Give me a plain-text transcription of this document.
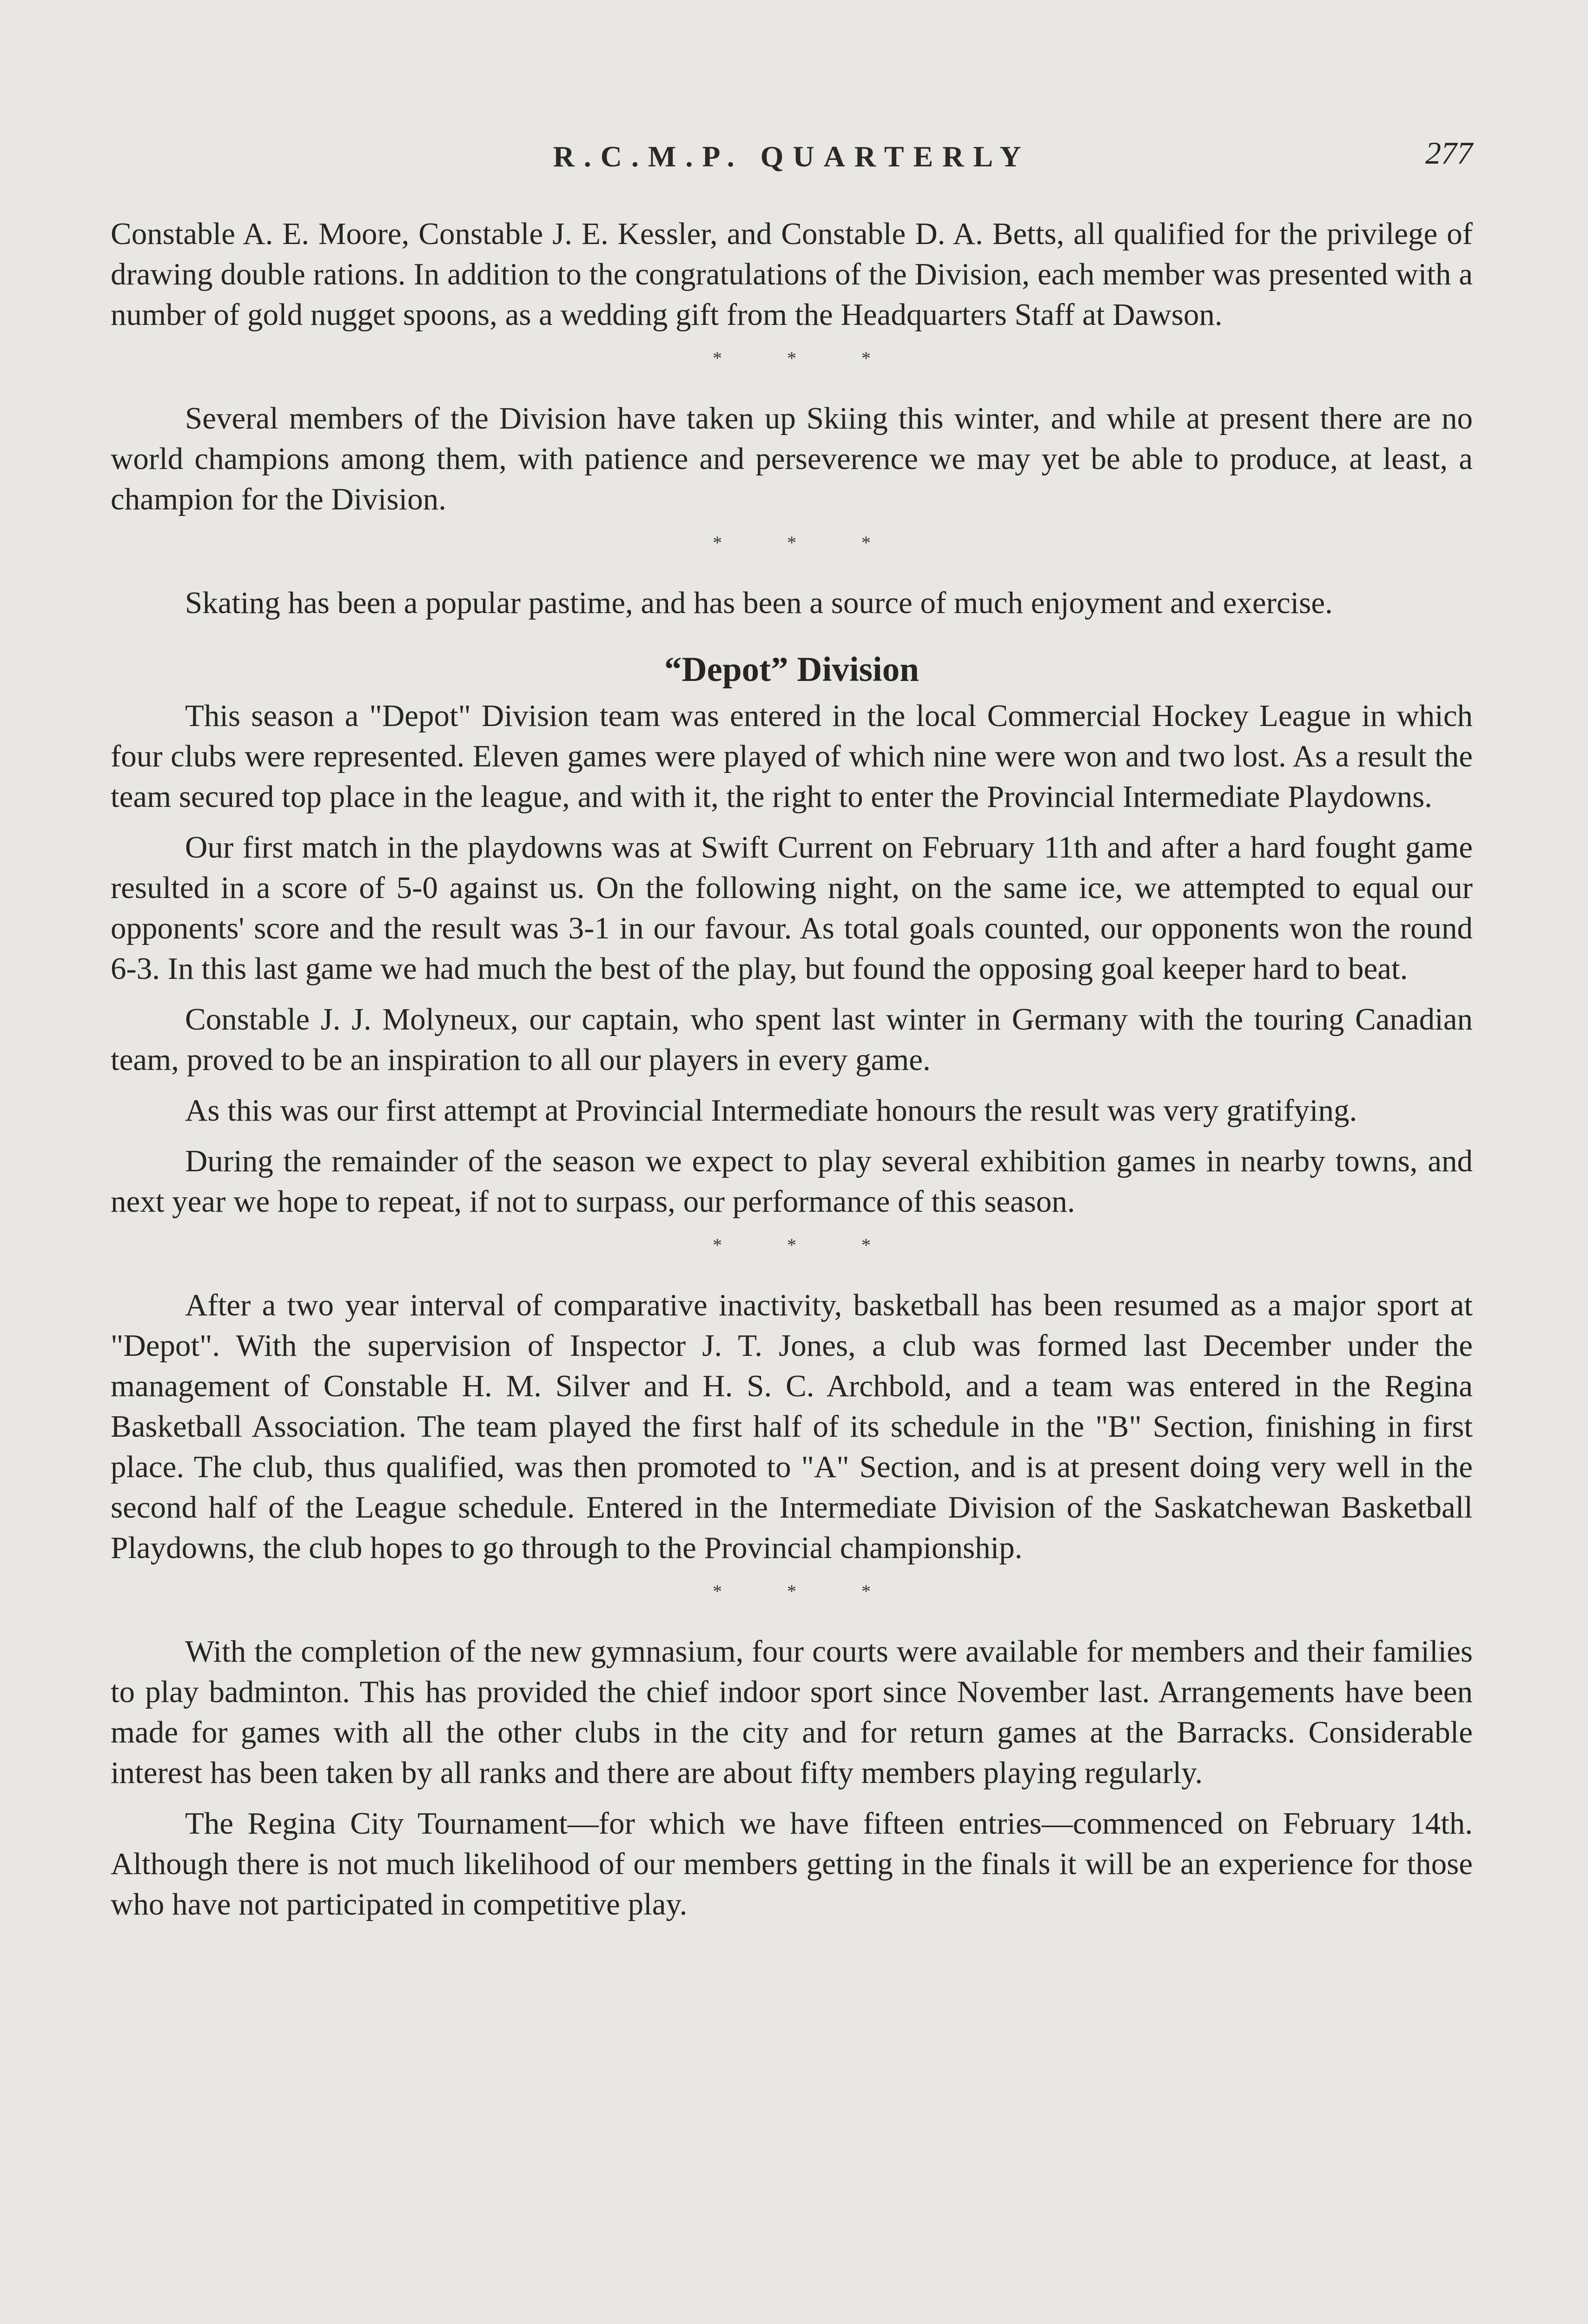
R.C.M.P. QUARTERLY	277

Constable A. E. Moore, Constable J. E. Kessler, and Constable D. A. Betts, all qualified for the privilege of drawing double rations. In addition to the congratulations of the Division, each member was presented with a number of gold nugget spoons, as a wedding gift from the Headquarters Staff at Dawson.

*	*	*

Several members of the Division have taken up Skiing this winter, and while at present there are no world champions among them, with patience and perseverence we may yet be able to produce, at least, a champion for the Division.

*	*	*

Skating has been a popular pastime, and has been a source of much enjoyment and exercise.

“Depot” Division

This season a "Depot" Division team was entered in the local Commercial Hockey League in which four clubs were represented. Eleven games were played of which nine were won and two lost. As a result the team secured top place in the league, and with it, the right to enter the Provincial Intermediate Playdowns.

Our first match in the playdowns was at Swift Current on February 11th and after a hard fought game resulted in a score of 5-0 against us. On the following night, on the same ice, we attempted to equal our opponents' score and the result was 3-1 in our favour. As total goals counted, our opponents won the round 6-3. In this last game we had much the best of the play, but found the opposing goal keeper hard to beat.

Constable J. J. Molyneux, our captain, who spent last winter in Germany with the touring Canadian team, proved to be an inspiration to all our players in every game.

As this was our first attempt at Provincial Intermediate honours the result was very gratifying.

During the remainder of the season we expect to play several exhibition games in nearby towns, and next year we hope to repeat, if not to surpass, our performance of this season.

*	*	*

After a two year interval of comparative inactivity, basketball has been resumed as a major sport at "Depot". With the supervision of Inspector J. T. Jones, a club was formed last December under the management of Constable H. M. Silver and H. S. C. Archbold, and a team was entered in the Regina Basketball Association. The team played the first half of its schedule in the "B" Section, finishing in first place. The club, thus qualified, was then promoted to "A" Section, and is at present doing very well in the second half of the League schedule. Entered in the Intermediate Division of the Saskatchewan Basketball Playdowns, the club hopes to go through to the Provincial championship.

*	*	*

With the completion of the new gymnasium, four courts were available for members and their families to play badminton. This has provided the chief indoor sport since November last. Arrangements have been made for games with all the other clubs in the city and for return games at the Barracks. Considerable interest has been taken by all ranks and there are about fifty members playing regularly.

The Regina City Tournament—for which we have fifteen entries—commenced on February 14th. Although there is not much likelihood of our members getting in the finals it will be an experience for those who have not participated in competitive play.
